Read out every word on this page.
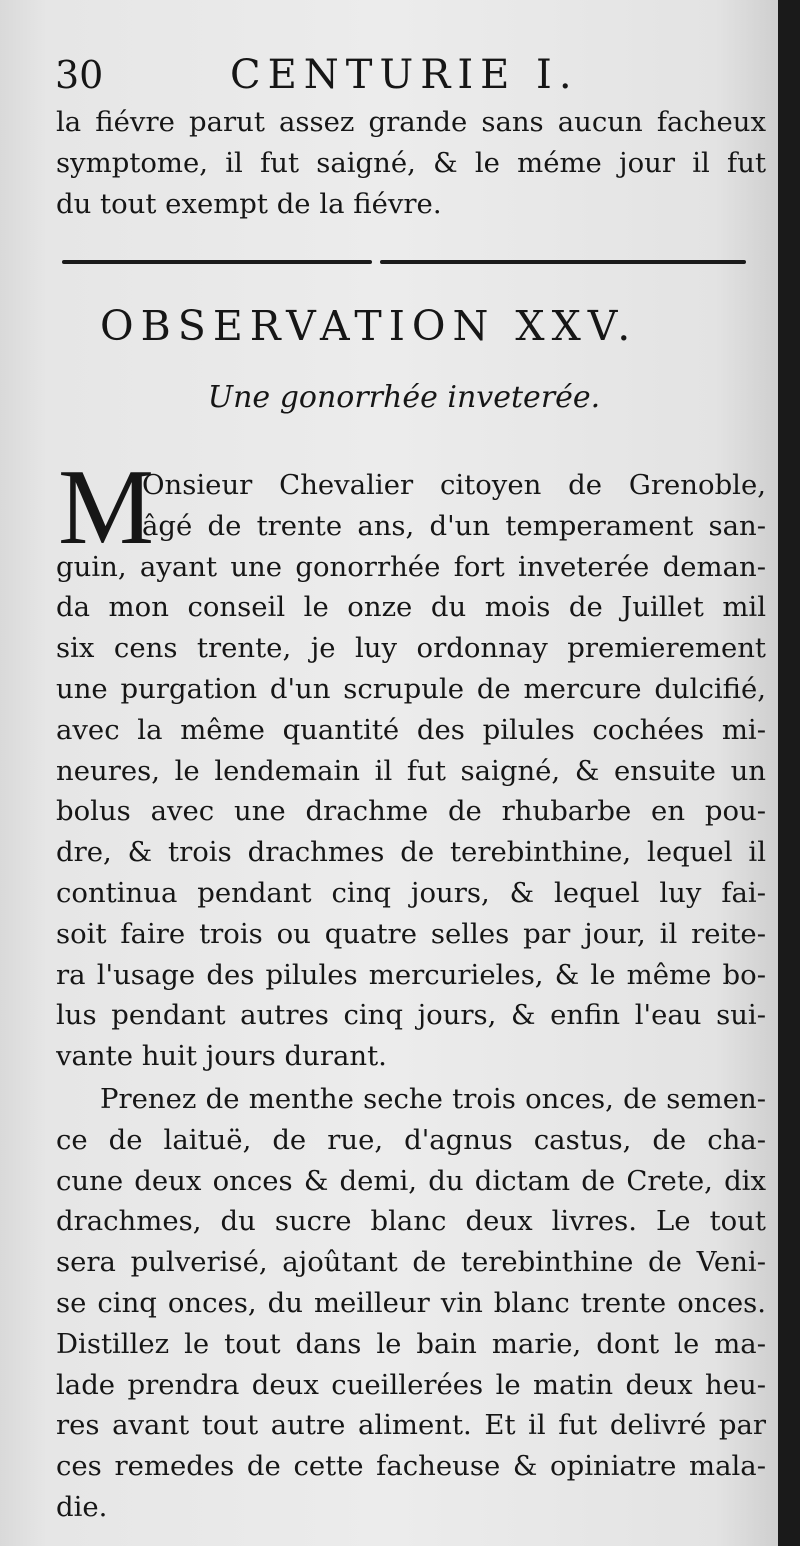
30	CENTURIE I.
la fiévre parut assez grande sans aucun facheux
symptome, il fut saigné, & le méme jour il fut
du tout exempt de la fiévre.
OBSERVATION XXV.
Une gonorrhée inveterée.
M
Onsieur Chevalier citoyen de Grenoble,
âgé de trente ans, d'un temperament san-
guin, ayant une gonorrhée fort inveterée deman-
da mon conseil le onze du mois de Juillet mil
six cens trente, je luy ordonnay premierement
une purgation d'un scrupule de mercure dulcifié,
avec la même quantité des pilules cochées mi-
neures, le lendemain il fut saigné, & ensuite un
bolus avec une drachme de rhubarbe en pou-
dre, & trois drachmes de terebinthine, lequel il
continua pendant cinq jours, & lequel luy fai-
soit faire trois ou quatre selles par jour, il reite-
ra l'usage des pilules mercurieles, & le même bo-
lus pendant autres cinq jours, & enfin l'eau sui-
vante huit jours durant.
Prenez de menthe seche trois onces, de semen-
ce de laituë, de rue, d'agnus castus, de cha-
cune deux onces & demi, du dictam de Crete, dix
drachmes, du sucre blanc deux livres. Le tout
sera pulverisé, ajoûtant de terebinthine de Veni-
se cinq onces, du meilleur vin blanc trente onces.
Distillez le tout dans le bain marie, dont le ma-
lade prendra deux cueillerées le matin deux heu-
res avant tout autre aliment. Et il fut delivré par
ces remedes de cette facheuse & opiniatre mala-
die.
